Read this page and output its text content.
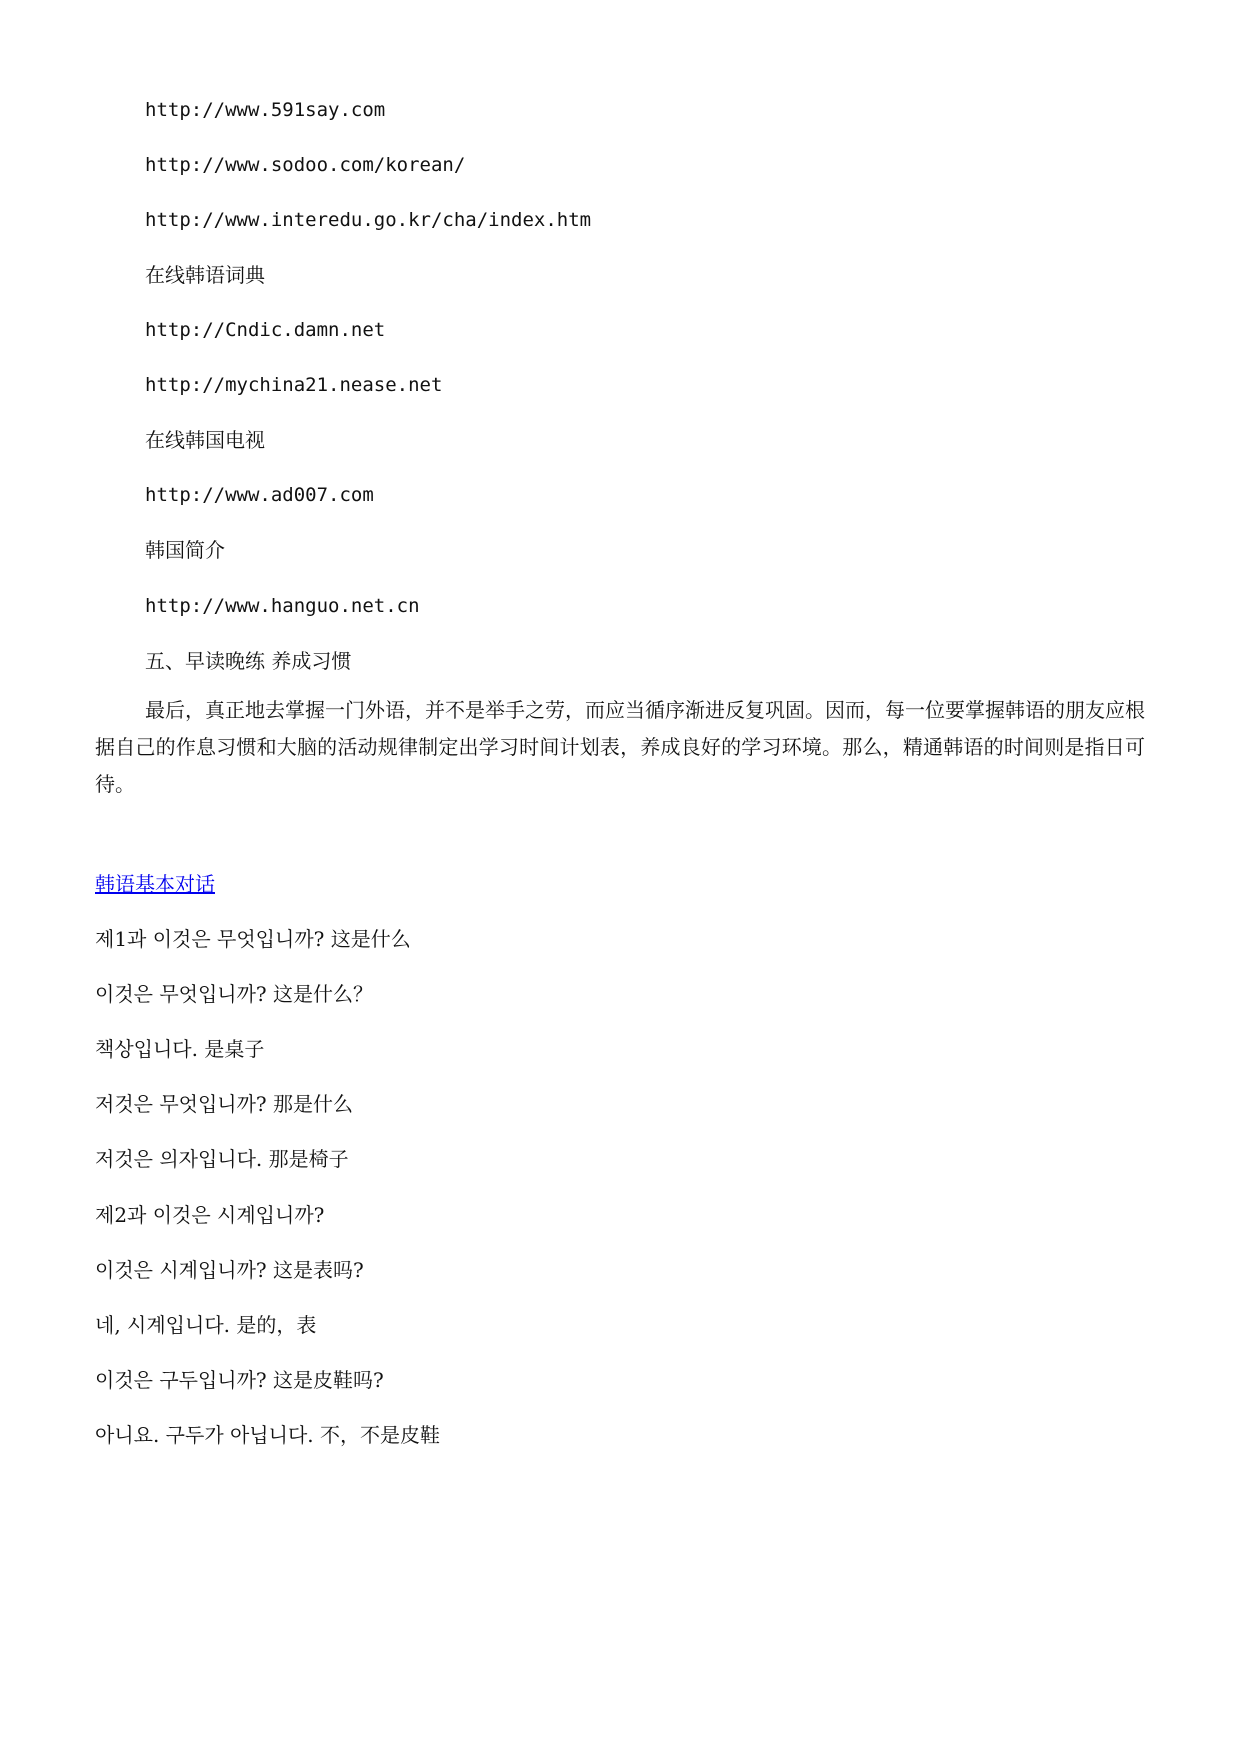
http://www.591say.com

http://www.sodoo.com/korean/

http://www.interedu.go.kr/cha/index.htm

在线韩语词典

http://Cndic.damn.net

http://mychina21.nease.net

在线韩国电视

http://www.ad007.com

韩国简介

http://www.hanguo.net.cn

五、早读晚练 养成习惯

最后，真正地去掌握一门外语，并不是举手之劳，而应当循序渐进反复巩固。因而，每一位要掌握韩语的朋友应根据自己的作息习惯和大脑的活动规律制定出学习时间计划表，养成良好的学习环境。那么，精通韩语的时间则是指日可待。

韩语基本对话

제1과 이것은 무엇입니까? 这是什么

이것은 무엇입니까? 这是什么？

책상입니다. 是桌子

저것은 무엇입니까? 那是什么

저것은 의자입니다. 那是椅子

제2과 이것은 시계입니까?

이것은 시계입니까? 这是表吗?

네, 시계입니다. 是的，表

이것은 구두입니까? 这是皮鞋吗?

아니요. 구두가 아닙니다. 不，不是皮鞋
